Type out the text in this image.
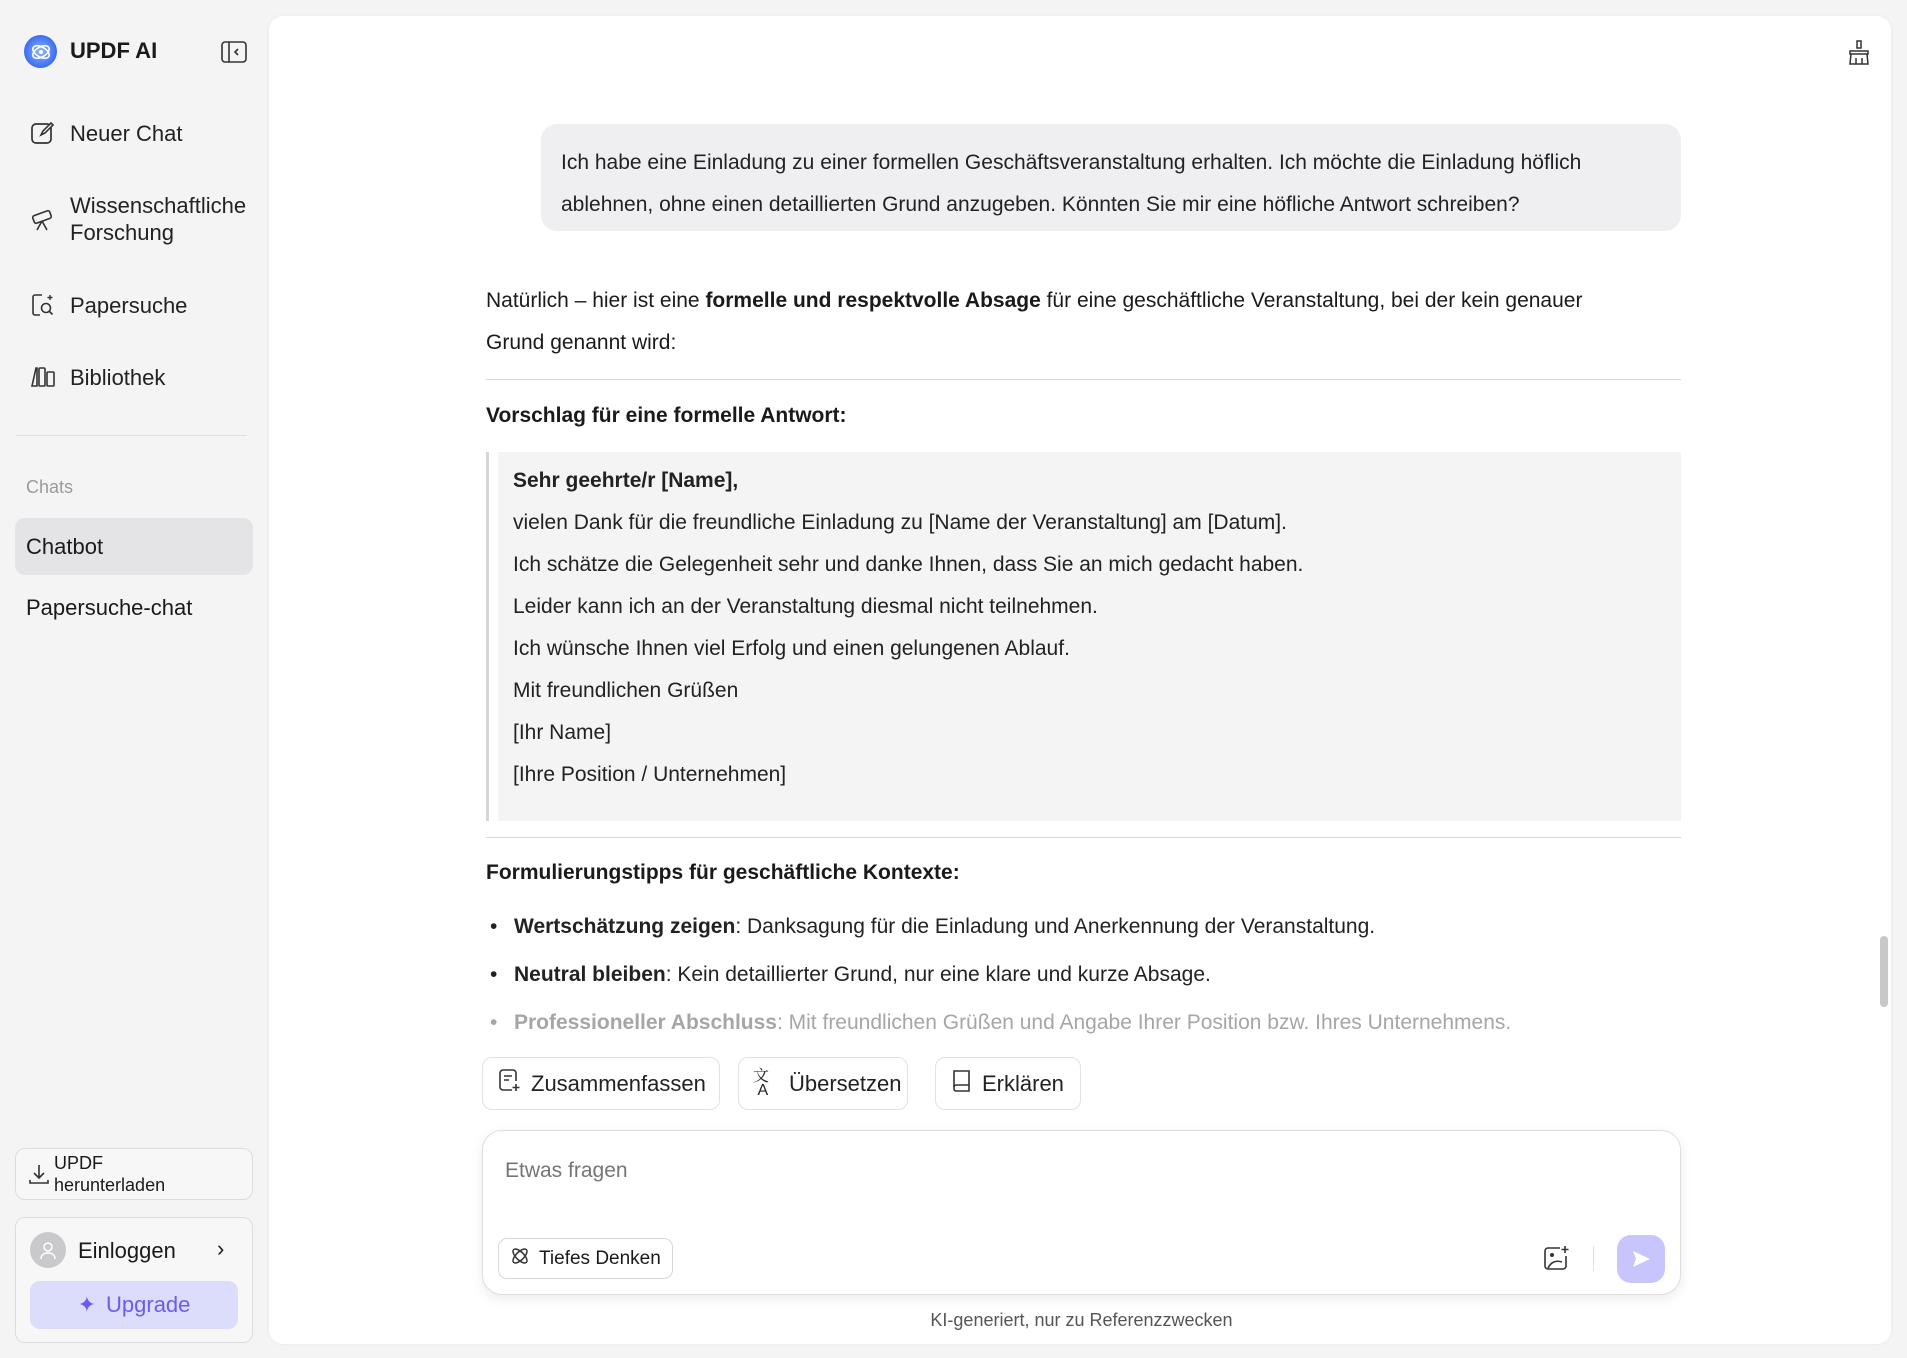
UPDF AI
Neuer Chat
Wissenschaftliche
Forschung
Papersuche
Bibliothek
Chats
Chatbot
Papersuche-chat
UPDF
herunterladen
Einloggen ›
✦ Upgrade
Ich habe eine Einladung zu einer formellen Geschäftsveranstaltung erhalten. Ich möchte die Einladung höflich
ablehnen, ohne einen detaillierten Grund anzugeben. Könnten Sie mir eine höfliche Antwort schreiben?
Natürlich – hier ist eine formelle und respektvolle Absage für eine geschäftliche Veranstaltung, bei der kein genauer
Grund genannt wird:
Vorschlag für eine formelle Antwort:
Sehr geehrte/r [Name],
vielen Dank für die freundliche Einladung zu [Name der Veranstaltung] am [Datum].
Ich schätze die Gelegenheit sehr und danke Ihnen, dass Sie an mich gedacht haben.
Leider kann ich an der Veranstaltung diesmal nicht teilnehmen.
Ich wünsche Ihnen viel Erfolg und einen gelungenen Ablauf.
Mit freundlichen Grüßen
[Ihr Name]
[Ihre Position / Unternehmen]
Formulierungstipps für geschäftliche Kontexte:
• Wertschätzung zeigen: Danksagung für die Einladung und Anerkennung der Veranstaltung.
• Neutral bleiben: Kein detaillierter Grund, nur eine klare und kurze Absage.
• Professioneller Abschluss: Mit freundlichen Grüßen und Angabe Ihrer Position bzw. Ihres Unternehmens.
Zusammenfassen	文
A Übersetzen	Erklären
Etwas fragen
Tiefes Denken
KI-generiert, nur zu Referenzzwecken
